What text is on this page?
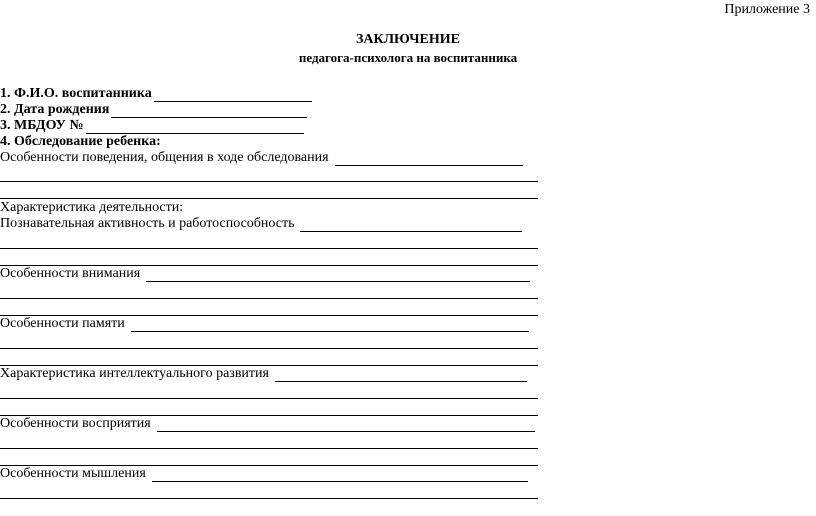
Приложение 3
ЗАКЛЮЧЕНИЕ
педагога-психолога на воспитанника
1. Ф.И.О. воспитанника
2. Дата рождения
3. МБДОУ №
4. Обследование ребенка:
Особенности поведения, общения в ходе обследования
Характеристика деятельности:
Познавательная активность и работоспособность
Особенности внимания
Особенности памяти
Характеристика интеллектуального развития
Особенности восприятия
Особенности мышления
